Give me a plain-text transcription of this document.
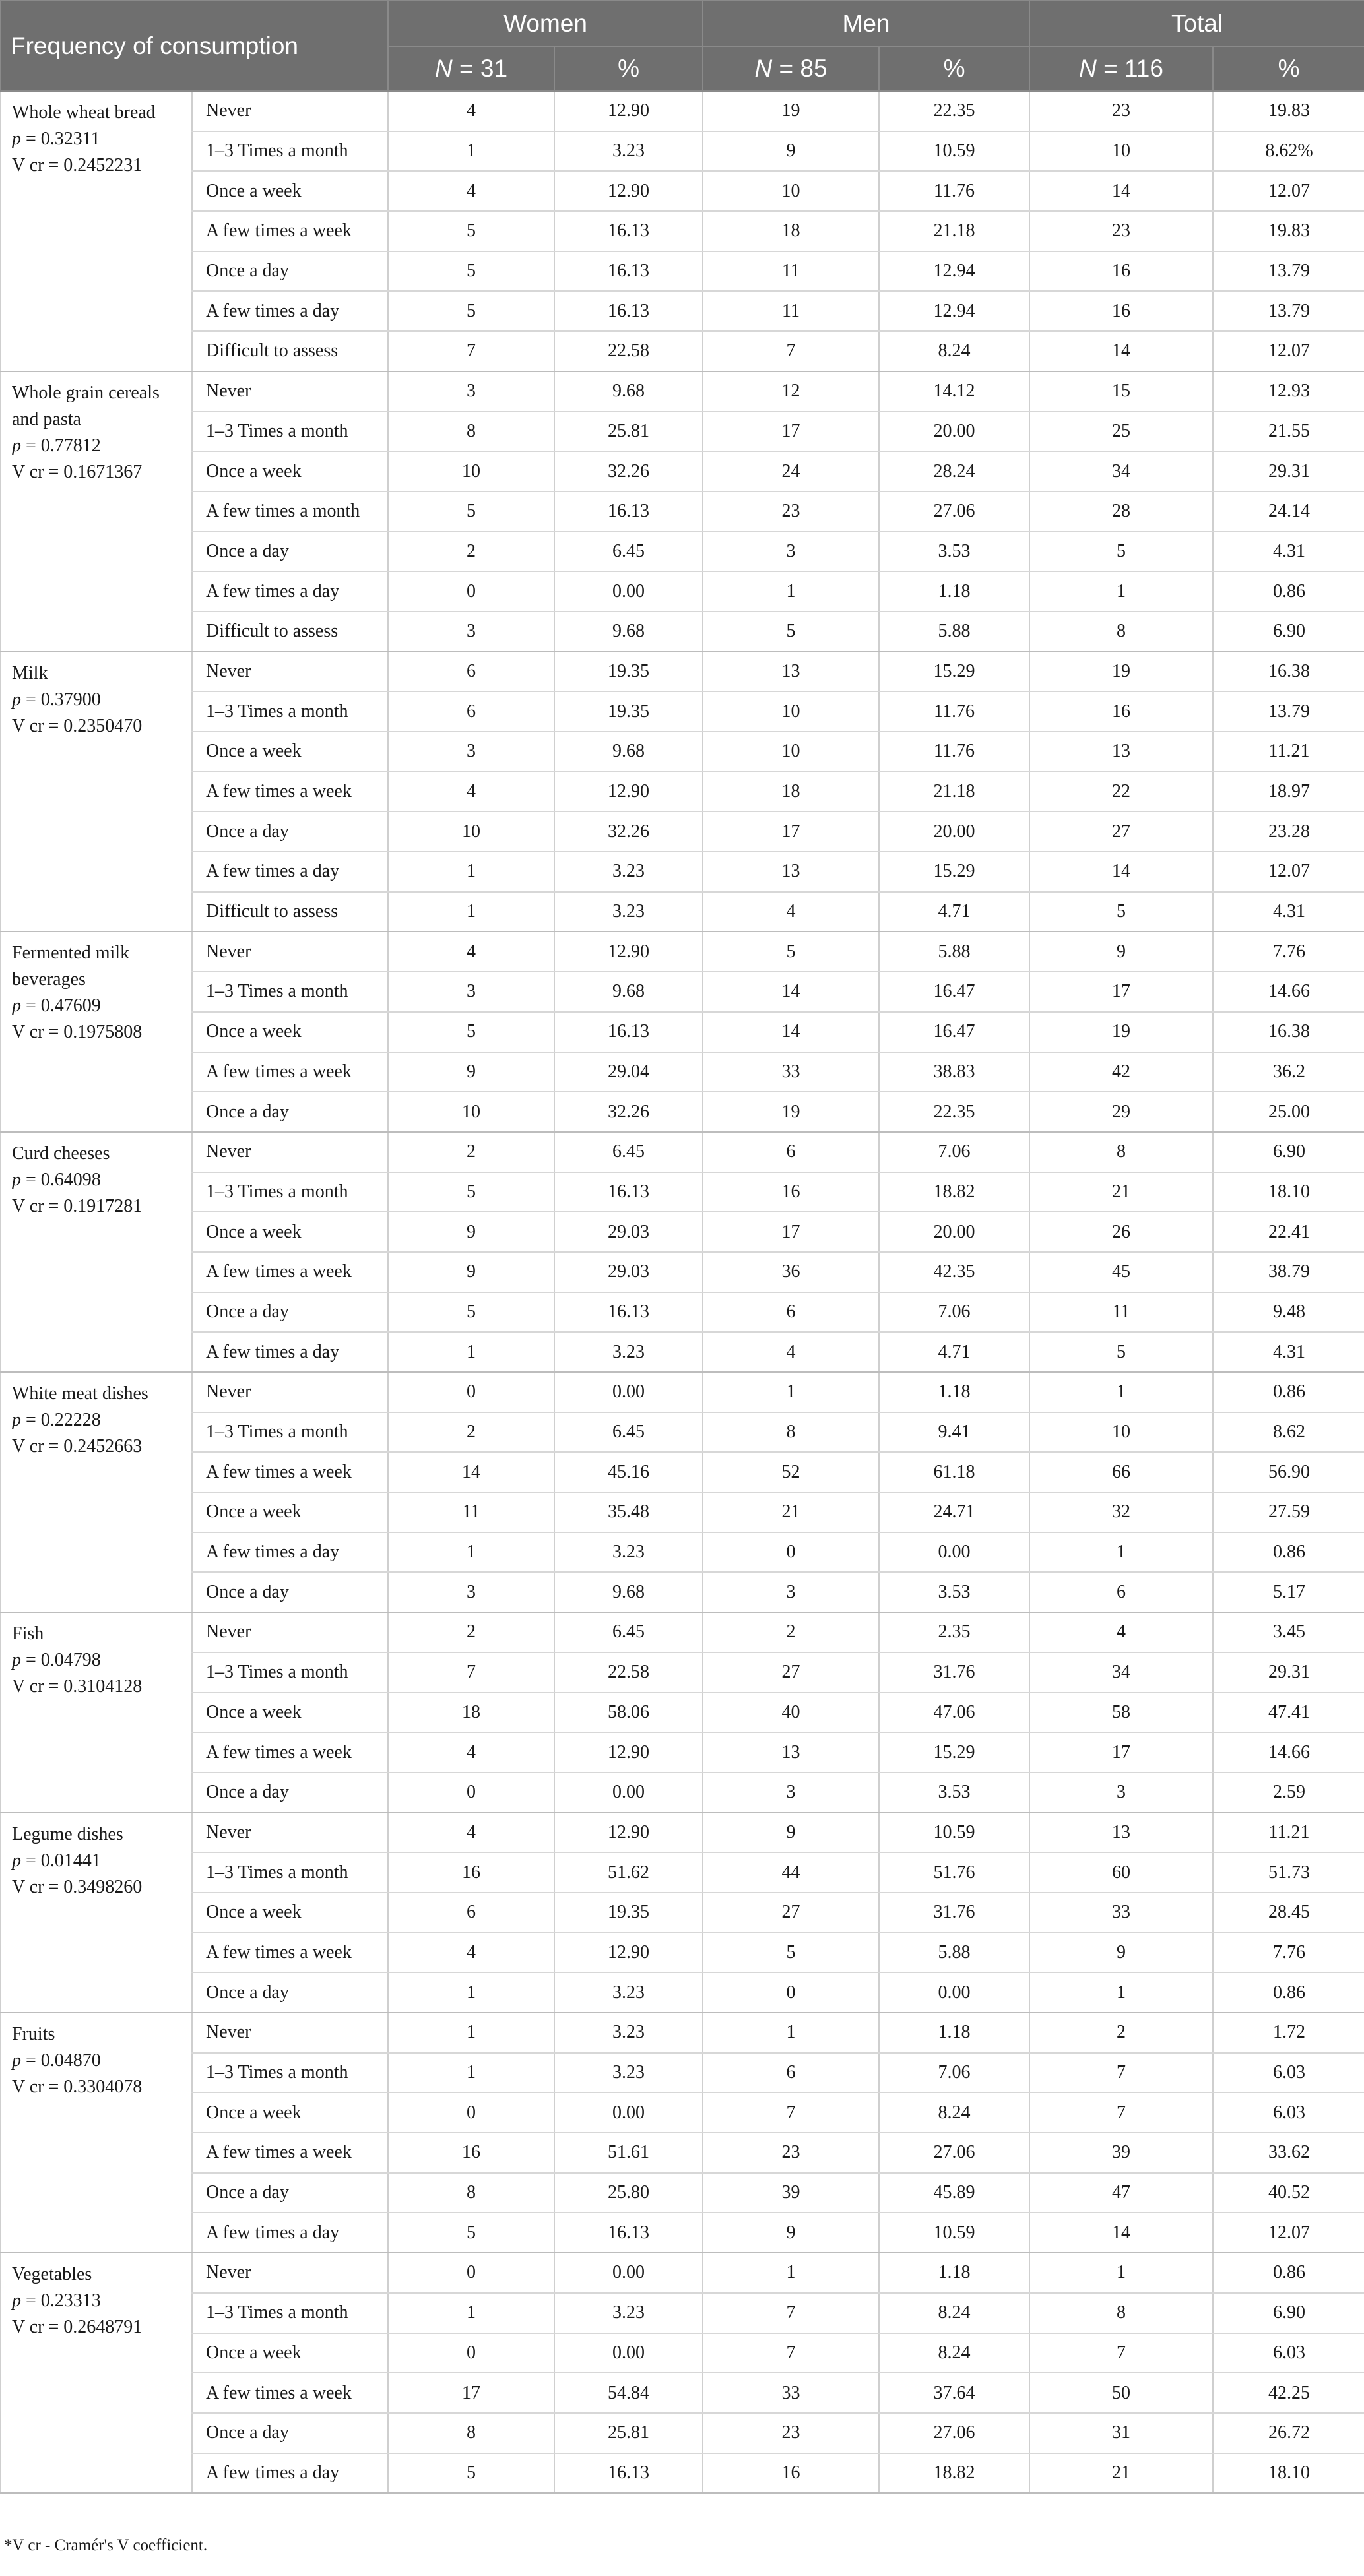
Frequency of consumption		Women		Men		Total	
		N = 31	%	N = 85	%	N = 116	%

Whole wheat bread
p = 0.32311
V cr = 0.2452231	Never	4	12.90	19	22.35	23	19.83
	1–3 Times a month	1	3.23	9	10.59	10	8.62%
	Once a week	4	12.90	10	11.76	14	12.07
	A few times a week	5	16.13	18	21.18	23	19.83
	Once a day	5	16.13	11	12.94	16	13.79
	A few times a day	5	16.13	11	12.94	16	13.79
	Difficult to assess	7	22.58	7	8.24	14	12.07

Whole grain cereals and pasta
p = 0.77812
V cr = 0.1671367	Never	3	9.68	12	14.12	15	12.93
	1–3 Times a month	8	25.81	17	20.00	25	21.55
	Once a week	10	32.26	24	28.24	34	29.31
	A few times a month	5	16.13	23	27.06	28	24.14
	Once a day	2	6.45	3	3.53	5	4.31
	A few times a day	0	0.00	1	1.18	1	0.86
	Difficult to assess	3	9.68	5	5.88	8	6.90

Milk
p = 0.37900
V cr = 0.2350470	Never	6	19.35	13	15.29	19	16.38
	1–3 Times a month	6	19.35	10	11.76	16	13.79
	Once a week	3	9.68	10	11.76	13	11.21
	A few times a week	4	12.90	18	21.18	22	18.97
	Once a day	10	32.26	17	20.00	27	23.28
	A few times a day	1	3.23	13	15.29	14	12.07
	Difficult to assess	1	3.23	4	4.71	5	4.31

Fermented milk beverages
p = 0.47609
V cr = 0.1975808	Never	4	12.90	5	5.88	9	7.76
	1–3 Times a month	3	9.68	14	16.47	17	14.66
	Once a week	5	16.13	14	16.47	19	16.38
	A few times a week	9	29.04	33	38.83	42	36.2
	Once a day	10	32.26	19	22.35	29	25.00

Curd cheeses
p = 0.64098
V cr = 0.1917281	Never	2	6.45	6	7.06	8	6.90
	1–3 Times a month	5	16.13	16	18.82	21	18.10
	Once a week	9	29.03	17	20.00	26	22.41
	A few times a week	9	29.03	36	42.35	45	38.79
	Once a day	5	16.13	6	7.06	11	9.48
	A few times a day	1	3.23	4	4.71	5	4.31

White meat dishes
p = 0.22228
V cr = 0.2452663	Never	0	0.00	1	1.18	1	0.86
	1–3 Times a month	2	6.45	8	9.41	10	8.62
	A few times a week	14	45.16	52	61.18	66	56.90
	Once a week	11	35.48	21	24.71	32	27.59
	A few times a day	1	3.23	0	0.00	1	0.86
	Once a day	3	9.68	3	3.53	6	5.17

Fish
p = 0.04798
V cr = 0.3104128	Never	2	6.45	2	2.35	4	3.45
	1–3 Times a month	7	22.58	27	31.76	34	29.31
	Once a week	18	58.06	40	47.06	58	47.41
	A few times a week	4	12.90	13	15.29	17	14.66
	Once a day	0	0.00	3	3.53	3	2.59

Legume dishes
p = 0.01441
V cr = 0.3498260	Never	4	12.90	9	10.59	13	11.21
	1–3 Times a month	16	51.62	44	51.76	60	51.73
	Once a week	6	19.35	27	31.76	33	28.45
	A few times a week	4	12.90	5	5.88	9	7.76
	Once a day	1	3.23	0	0.00	1	0.86

Fruits
p = 0.04870
V cr = 0.3304078	Never	1	3.23	1	1.18	2	1.72
	1–3 Times a month	1	3.23	6	7.06	7	6.03
	Once a week	0	0.00	7	8.24	7	6.03
	A few times a week	16	51.61	23	27.06	39	33.62
	Once a day	8	25.80	39	45.89	47	40.52
	A few times a day	5	16.13	9	10.59	14	12.07

Vegetables
p = 0.23313
V cr = 0.2648791	Never	0	0.00	1	1.18	1	0.86
	1–3 Times a month	1	3.23	7	8.24	8	6.90
	Once a week	0	0.00	7	8.24	7	6.03
	A few times a week	17	54.84	33	37.64	50	42.25
	Once a day	8	25.81	23	27.06	31	26.72
	A few times a day	5	16.13	16	18.82	21	18.10
*V cr - Cramér's V coefficient.
